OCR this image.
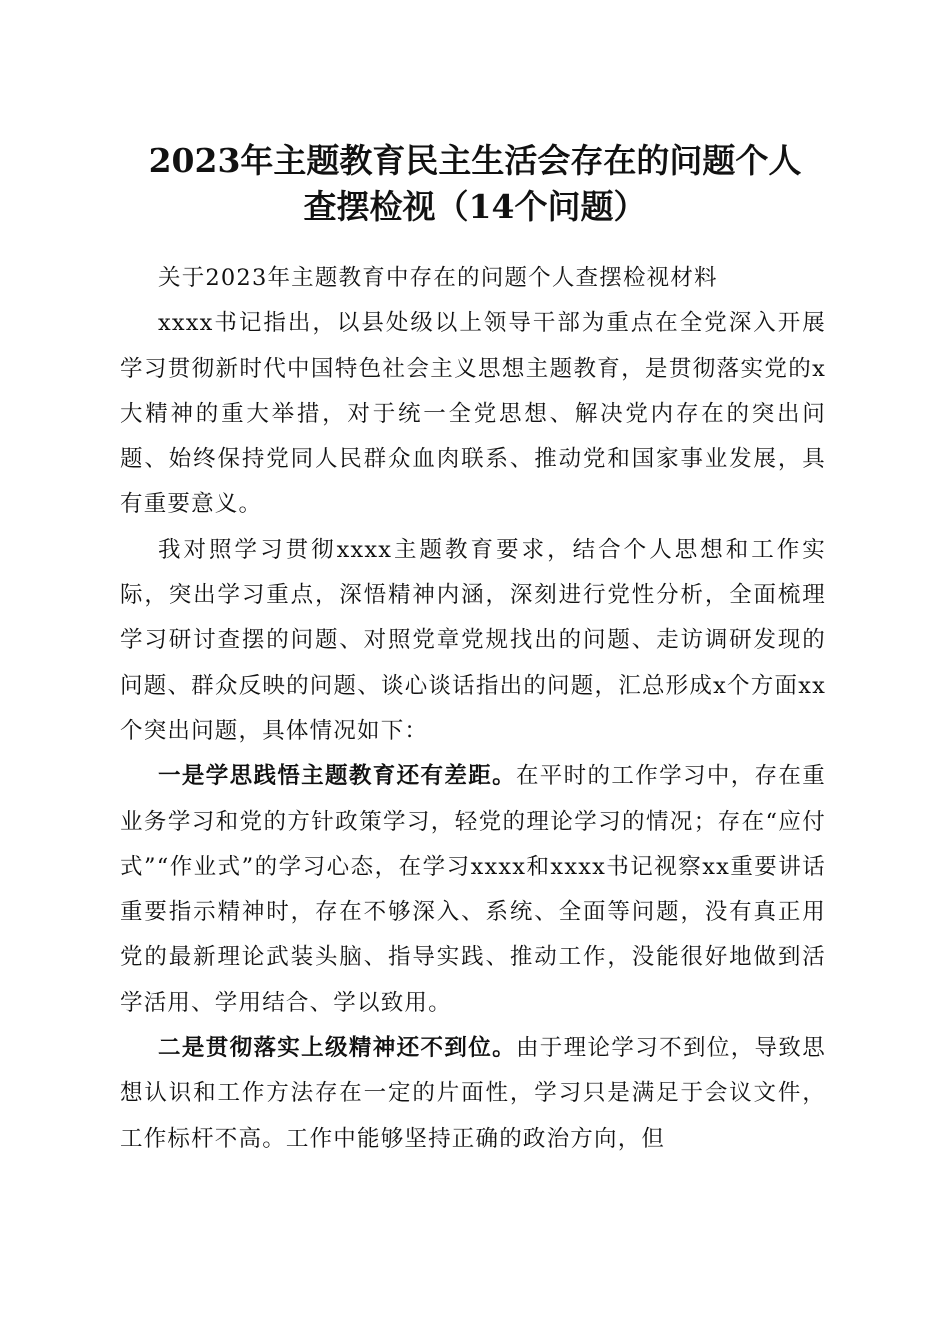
2023年主题教育民主生活会存在的问题个人
查摆检视（14个问题）

关于2023年主题教育中存在的问题个人查摆检视材料

xxxx书记指出，以县处级以上领导干部为重点在全党深入开展学习贯彻新时代中国特色社会主义思想主题教育，是贯彻落实党的x大精神的重大举措，对于统一全党思想、解决党内存在的突出问题、始终保持党同人民群众血肉联系、推动党和国家事业发展，具有重要意义。

我对照学习贯彻xxxx主题教育要求，结合个人思想和工作实际，突出学习重点，深悟精神内涵，深刻进行党性分析，全面梳理学习研讨查摆的问题、对照党章党规找出的问题、走访调研发现的问题、群众反映的问题、谈心谈话指出的问题，汇总形成x个方面xx个突出问题，具体情况如下：

一是学思践悟主题教育还有差距。在平时的工作学习中，存在重业务学习和党的方针政策学习，轻党的理论学习的情况；存在“应付式”“作业式”的学习心态，在学习xxxx和xxxx书记视察xx重要讲话重要指示精神时，存在不够深入、系统、全面等问题，没有真正用党的最新理论武装头脑、指导实践、推动工作，没能很好地做到活学活用、学用结合、学以致用。

二是贯彻落实上级精神还不到位。由于理论学习不到位，导致思想认识和工作方法存在一定的片面性，学习只是满足于会议文件，工作标杆不高。工作中能够坚持正确的政治方向，但
